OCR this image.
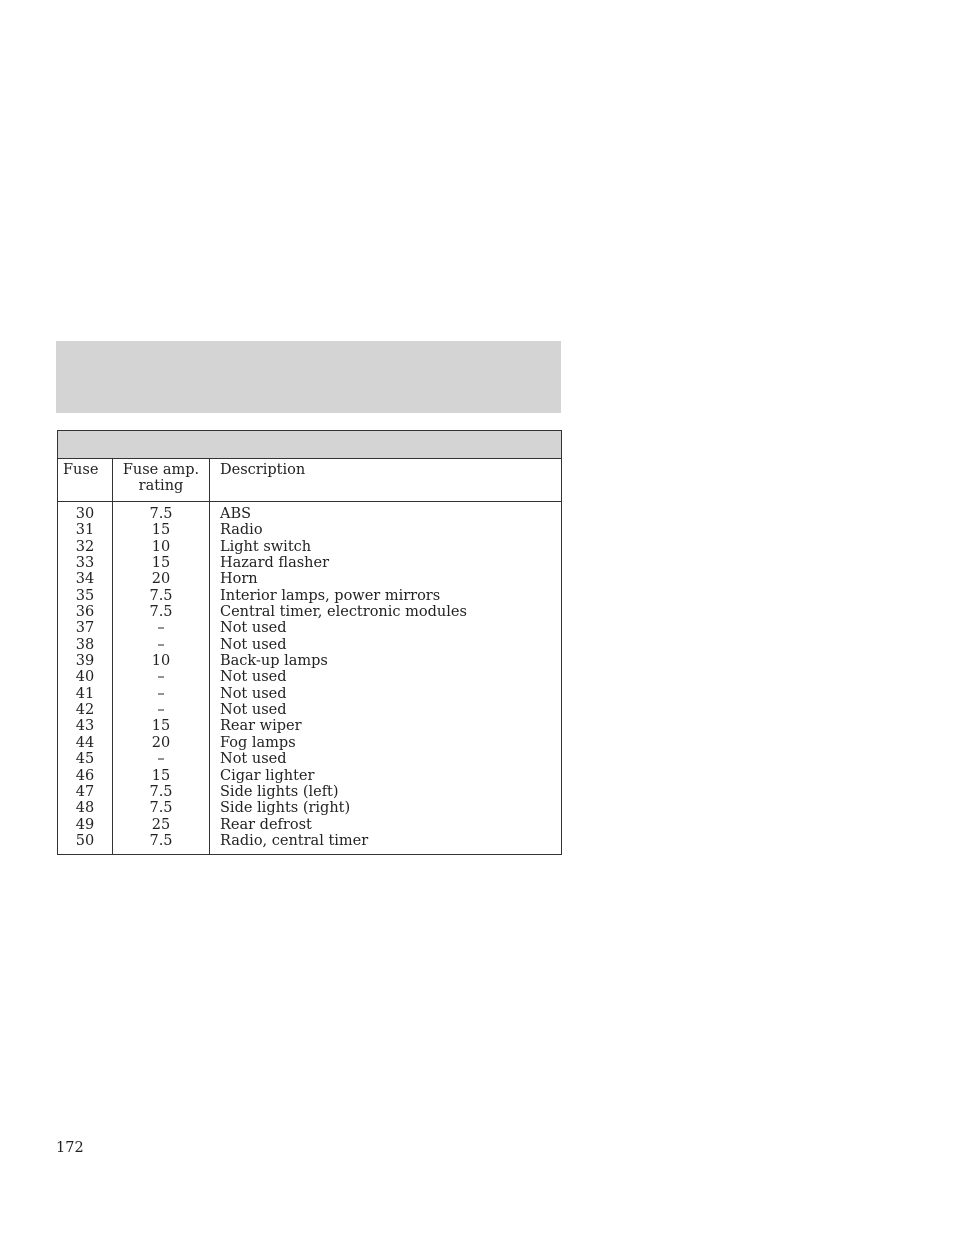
Fuse	Fuse amp.
rating
Description
30	7.5	ABS
31	15	Radio
32	10	Light switch
33	15	Hazard flasher
34	20	Horn
35	7.5	Interior lamps, power mirrors
36	7.5	Central timer, electronic modules
37	–	Not used
38	–	Not used
39	10	Back-up lamps
40	–	Not used
41	–	Not used
42	–	Not used
43	15	Rear wiper
44	20	Fog lamps
45	–	Not used
46	15	Cigar lighter
47	7.5	Side lights (left)
48	7.5	Side lights (right)
49	25	Rear defrost
50	7.5	Radio, central timer
172
